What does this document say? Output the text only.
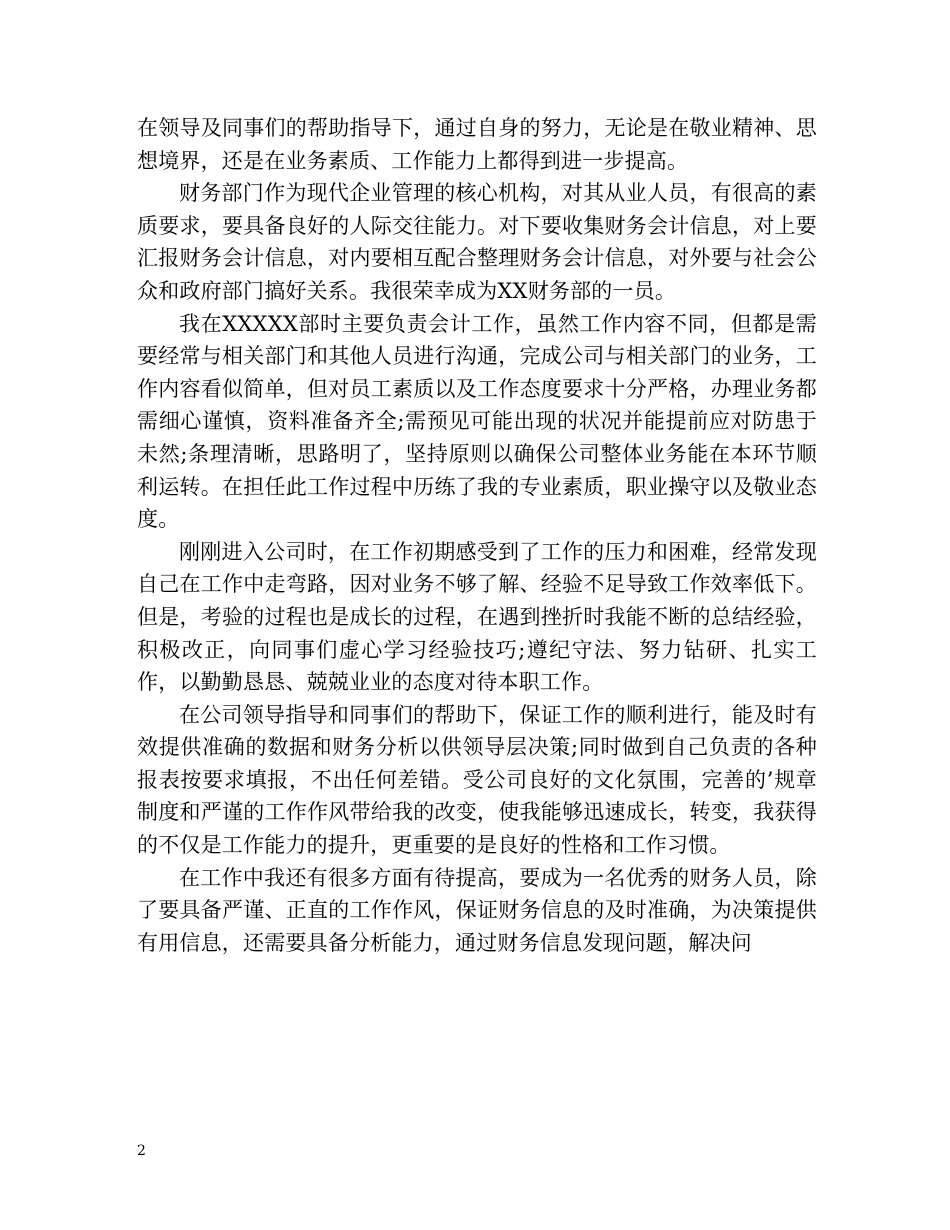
在领导及同事们的帮助指导下，通过自身的努力，无论是在敬业精神、思想境界，还是在业务素质、工作能力上都得到进一步提高。

财务部门作为现代企业管理的核心机构，对其从业人员，有很高的素质要求，要具备良好的人际交往能力。对下要收集财务会计信息，对上要汇报财务会计信息，对内要相互配合整理财务会计信息，对外要与社会公众和政府部门搞好关系。我很荣幸成为XX财务部的一员。

我在XXXXX部时主要负责会计工作，虽然工作内容不同，但都是需要经常与相关部门和其他人员进行沟通，完成公司与相关部门的业务，工作内容看似简单，但对员工素质以及工作态度要求十分严格，办理业务都需细心谨慎，资料准备齐全;需预见可能出现的状况并能提前应对防患于未然;条理清晰，思路明了，坚持原则以确保公司整体业务能在本环节顺利运转。在担任此工作过程中历练了我的专业素质，职业操守以及敬业态度。

刚刚进入公司时，在工作初期感受到了工作的压力和困难，经常发现自己在工作中走弯路，因对业务不够了解、经验不足导致工作效率低下。但是，考验的过程也是成长的过程，在遇到挫折时我能不断的总结经验，积极改正，向同事们虚心学习经验技巧;遵纪守法、努力钻研、扎实工作，以勤勤恳恳、兢兢业业的态度对待本职工作。

在公司领导指导和同事们的帮助下，保证工作的顺利进行，能及时有效提供准确的数据和财务分析以供领导层决策;同时做到自己负责的各种报表按要求填报，不出任何差错。受公司良好的文化氛围，完善的’规章制度和严谨的工作作风带给我的改变，使我能够迅速成长，转变，我获得的不仅是工作能力的提升，更重要的是良好的性格和工作习惯。

在工作中我还有很多方面有待提高，要成为一名优秀的财务人员，除了要具备严谨、正直的工作作风，保证财务信息的及时准确，为决策提供有用信息，还需要具备分析能力，通过财务信息发现问题，解决问

2
